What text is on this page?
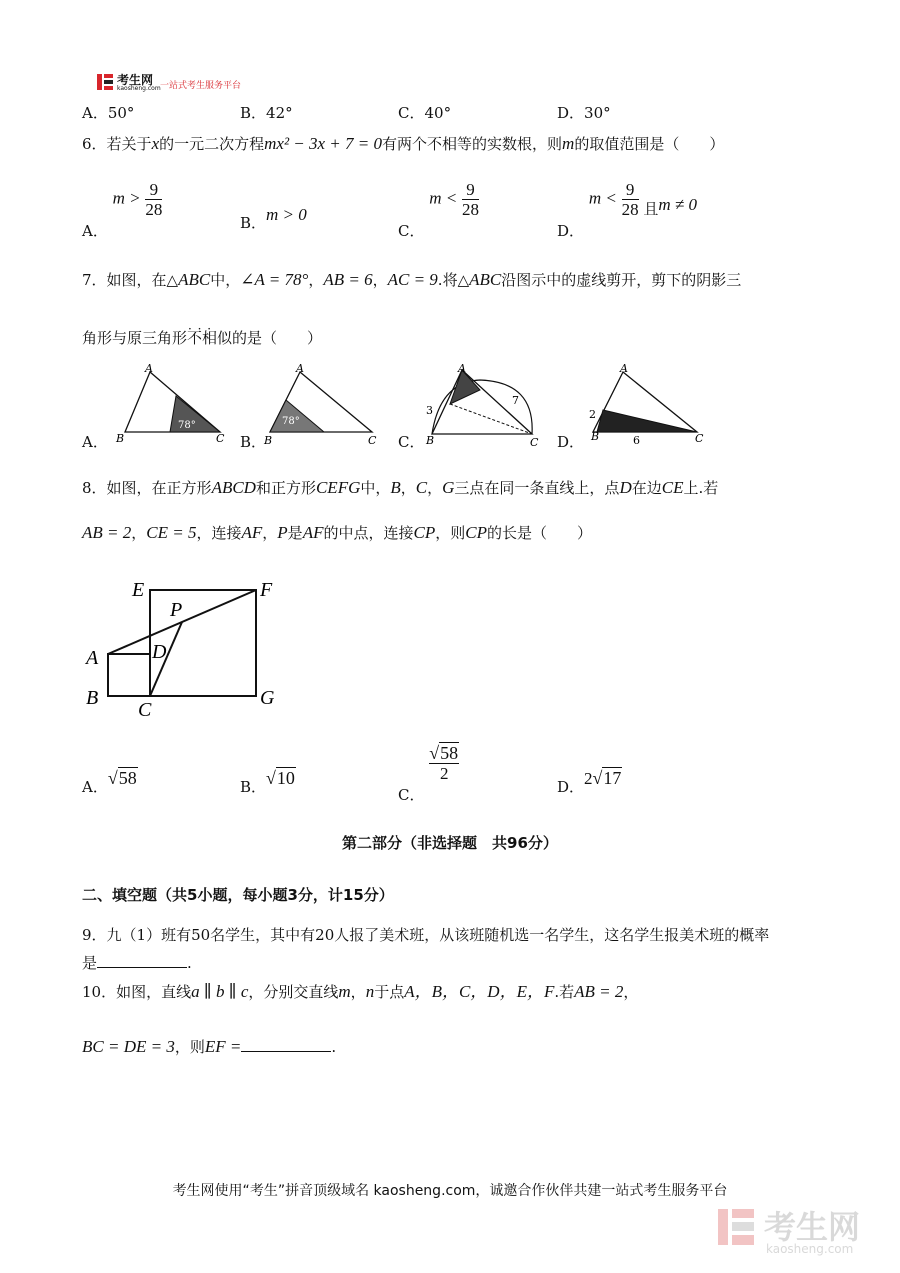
考生网
kaosheng.com 一站式考生服务平台
A．50°	B．42°	C．40°	D．30°
6．若关于x的一元二次方程mx² − 3x + 7 = 0有两个不相等的实数根，则m的取值范围是（　　）
A． $m > \frac{9}{28}$
B．m > 0
C． $m < \frac{9}{28}$
D． $m < \frac{9}{28}$ 且m ≠ 0
7．如图，在△ABC中，∠A = 78°，AB = 6，AC = 9.将△ABC沿图示中的虚线剪开，剪下的阴影三
角形与原三角形· · · 不相似的是（　　）
A．
A
B	C
78°
B．
A
B	C
78°
C．
A
B	C
3
7
D．
A
B	C
2
6
8．如图，在正方形ABCD和正方形CEFG中，B，C，G三点在同一条直线上，点D在边CE上.若
AB = 2，CE = 5，连接AF，P是AF的中点，连接CP，则CP的长是（　　）
E	F
P
A	D
B
C
G
A．√58	B．√10
C．
$\frac{√58}{2}$
D．2√17
第二部分（非选择题　共96分）
二、填空题（共5小题，每小题3分，计15分）
9．九（1）班有50名学生，其中有20人报了美术班，从该班随机选一名学生，这名学生报美术班的概率
是	.
10．如图，直线a ∥ b ∥ c，分别交直线m，n于点A，B，C，D，E，F.若AB = 2，
BC = DE = 3，则EF =	.
考生网使用“考生”拼音顶级域名 kaosheng.com，诚邀合作伙伴共建一站式考生服务平台
考生网
kaosheng.com
